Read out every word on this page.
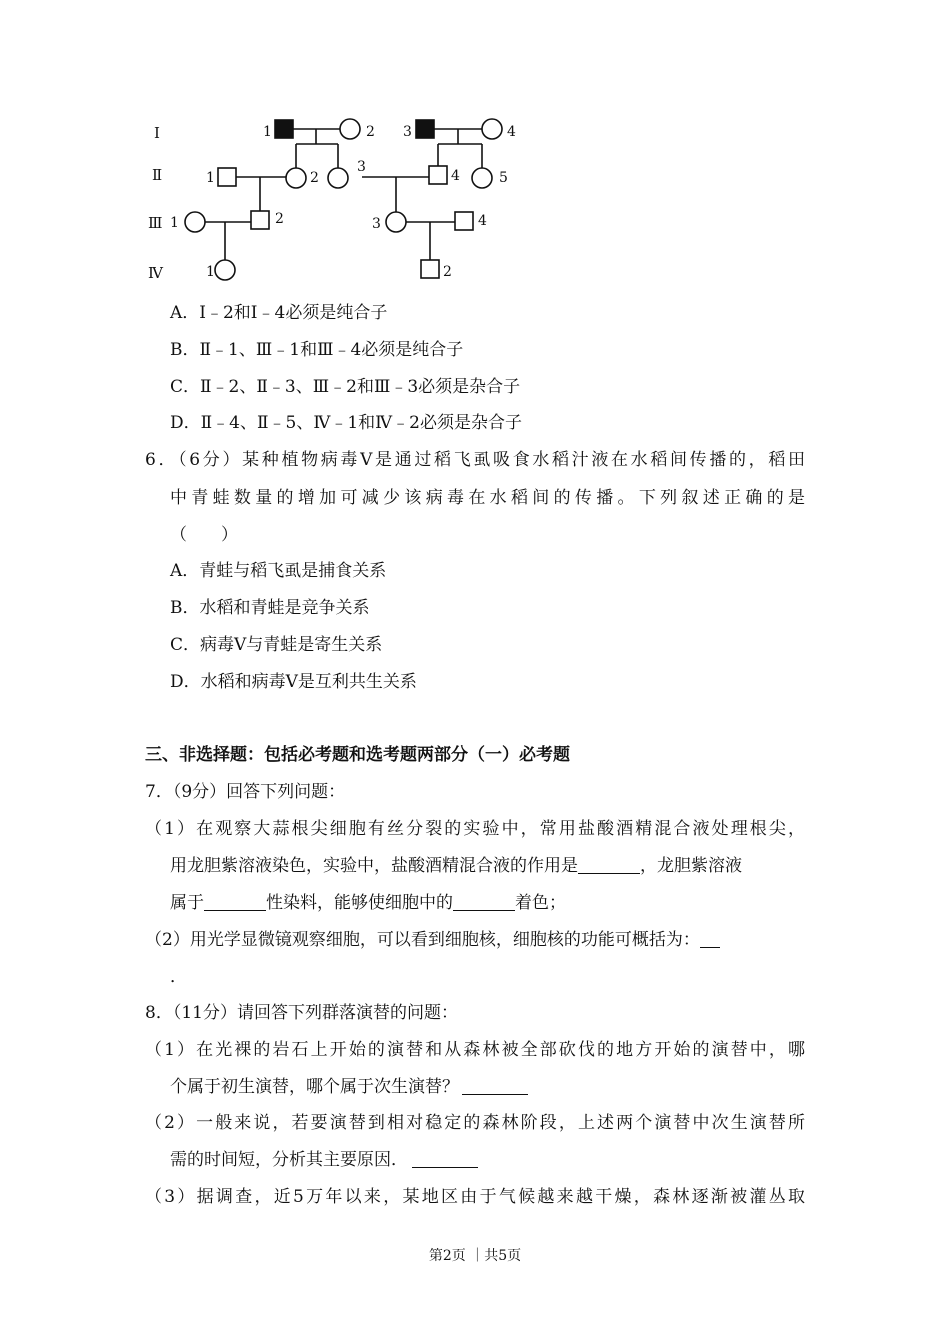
Ⅰ
Ⅱ
Ⅲ
Ⅳ
1	2 3	4
1	2
3
4	5
1	2	3	4
1	2
A．Ⅰ﹣2和Ⅰ﹣4必须是纯合子
B．Ⅱ﹣1、Ⅲ﹣1和Ⅲ﹣4必须是纯合子
C．Ⅱ﹣2、Ⅱ﹣3、Ⅲ﹣2和Ⅲ﹣3必须是杂合子
D．Ⅱ﹣4、Ⅱ﹣5、Ⅳ﹣1和Ⅳ﹣2必须是杂合子
6．（6分）某种植物病毒V是通过稻飞虱吸食水稻汁液在水稻间传播的，稻田
中青蛙数量的增加可减少该病毒在水稻间的传播。下列叙述正确的是
（　　）
A．青蛙与稻飞虱是捕食关系
B．水稻和青蛙是竞争关系
C．病毒V与青蛙是寄生关系
D．水稻和病毒V是互利共生关系
三、非选择题：包括必考题和选考题两部分（一）必考题
7．（9分）回答下列问题：
（1）在观察大蒜根尖细胞有丝分裂的实验中，常用盐酸酒精混合液处理根尖，
用龙胆紫溶液染色，实验中，盐酸酒精混合液的作用是	，龙胆紫溶液
属于	性染料，能够使细胞中的	着色；
（2）用光学显微镜观察细胞，可以看到细胞核，细胞核的功能可概括为：
．
8．（11分）请回答下列群落演替的问题：
（1）在光裸的岩石上开始的演替和从森林被全部砍伐的地方开始的演替中，哪
个属于初生演替，哪个属于次生演替？
（2）一般来说，若要演替到相对稳定的森林阶段，上述两个演替中次生演替所
需的时间短，分析其主要原因．
（3）据调查，近5万年以来，某地区由于气候越来越干燥，森林逐渐被灌丛取
第2页 ｜共5页
